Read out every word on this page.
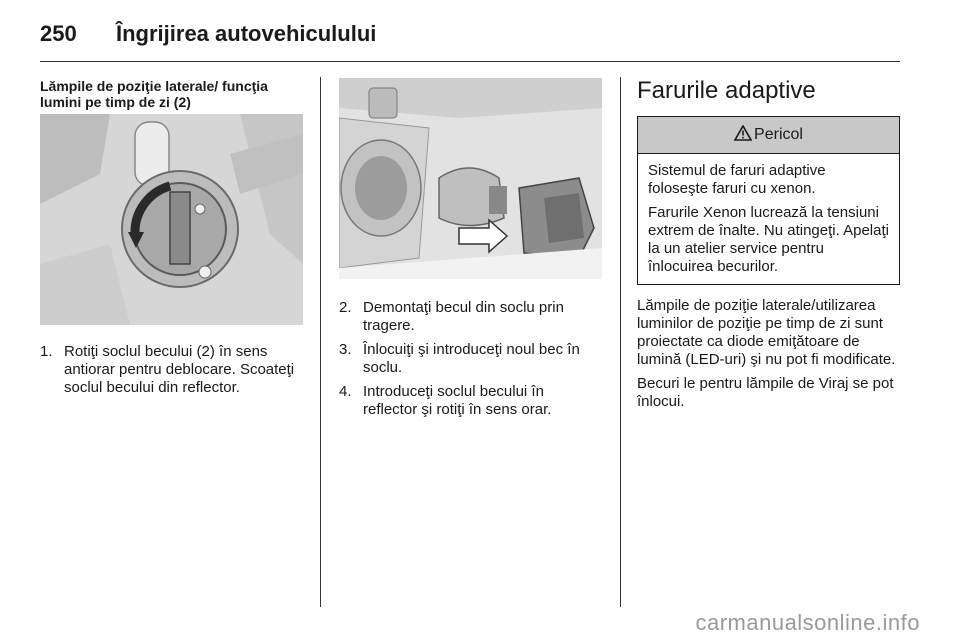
250	Îngrijirea autovehiculului
Lămpile de poziţie laterale/ funcţia lumini pe timp de zi (2)
1. Rotiţi soclul becului (2) în sens antiorar pentru deblocare. Scoateţi soclul becului din reflector.
2. Demontaţi becul din soclu prin tragere.
3. Înlocuiţi şi introduceţi noul bec în soclu.
4. Introduceţi soclul becului în reflector şi rotiţi în sens orar.
Farurile adaptive
Pericol

Sistemul de faruri adaptive foloseşte faruri cu xenon.

Farurile Xenon lucrează la tensiuni extrem de înalte. Nu atingeţi. Apelaţi la un atelier service pentru înlocuirea becurilor.

Lămpile de poziţie laterale/utilizarea luminilor de poziţie pe timp de zi sunt proiectate ca diode emiţătoare de lumină (LED-uri) şi nu pot fi modificate.

Becuri le pentru lămpile de Viraj se pot înlocui.

carmanualsonline.info
